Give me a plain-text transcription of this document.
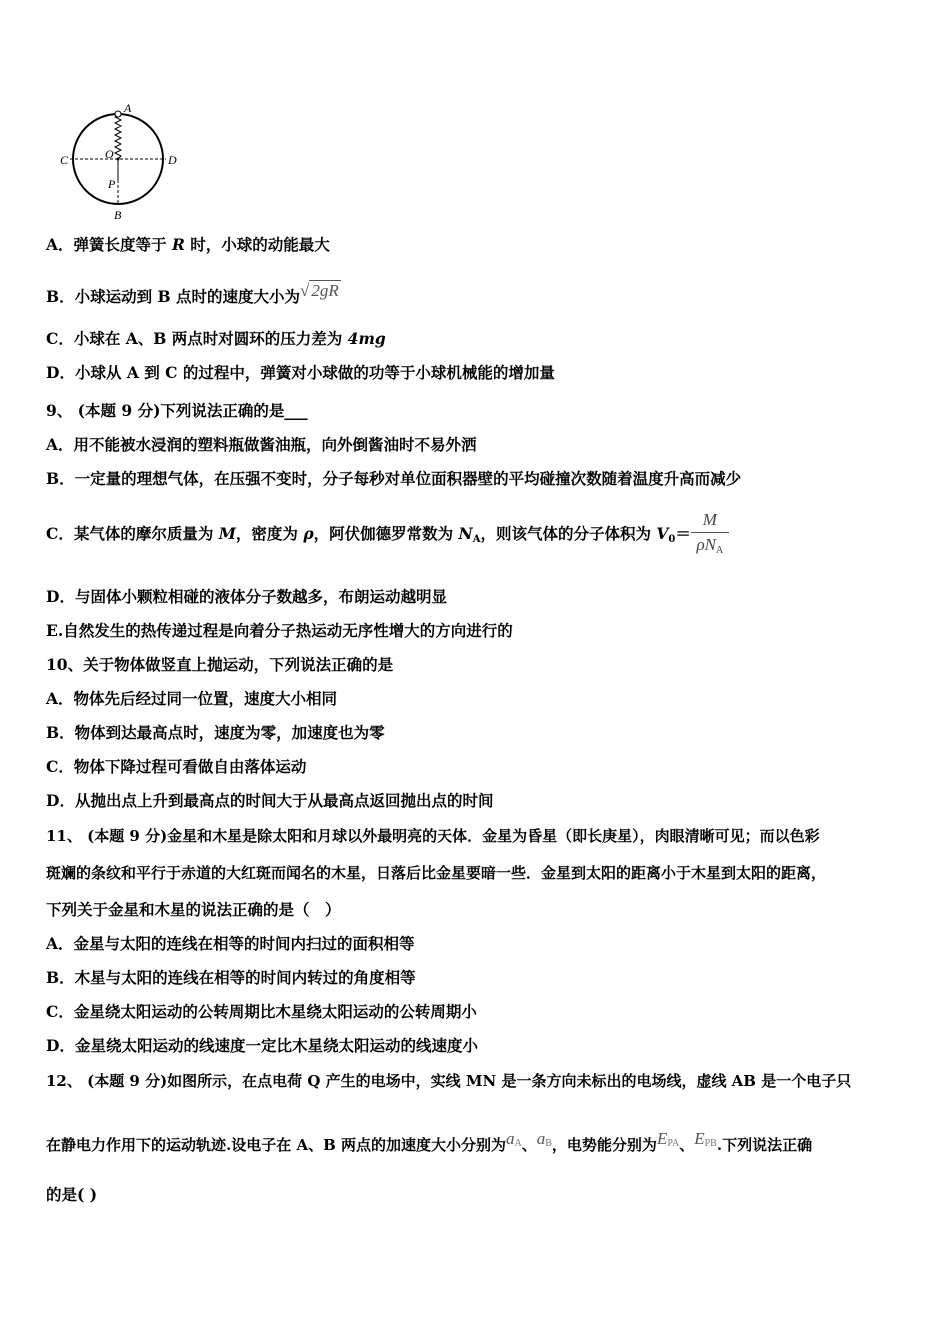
A
C	D
O
P
B
A．弹簧长度等于 R 时，小球的动能最大
B．小球运动到 B 点时的速度大小为√ 2gR
C．小球在 A、B 两点时对圆环的压力差为 4mg
D．小球从 A 到 C 的过程中，弹簧对小球做的功等于小球机械能的增加量
9、 (本题 9 分)下列说法正确的是___
A．用不能被水浸润的塑料瓶做酱油瓶，向外倒酱油时不易外洒
B．一定量的理想气体，在压强不变时，分子每秒对单位面积器壁的平均碰撞次数随着温度升高而减少
C．某气体的摩尔质量为 M，密度为 ρ，阿伏伽德罗常数为 $N_A$，则该气体的分子体积为 $V_0= \frac{M}{\rho N_A}$
D．与固体小颗粒相碰的液体分子数越多，布朗运动越明显
E.自然发生的热传递过程是向着分子热运动无序性增大的方向进行的
10、关于物体做竖直上抛运动，下列说法正确的是
A．物体先后经过同一位置，速度大小相同
B．物体到达最高点时，速度为零，加速度也为零
C．物体下降过程可看做自由落体运动
D．从抛出点上升到最高点的时间大于从最高点返回抛出点的时间
11、 (本题 9 分)金星和木星是除太阳和月球以外最明亮的天体．金星为昏星（即长庚星），肉眼清晰可见；而以色彩
斑斓的条纹和平行于赤道的大红斑而闻名的木星，日落后比金星要暗一些．金星到太阳的距离小于木星到太阳的距离，
下列关于金星和木星的说法正确的是（　）
A．金星与太阳的连线在相等的时间内扫过的面积相等
B．木星与太阳的连线在相等的时间内转过的角度相等
C．金星绕太阳运动的公转周期比木星绕太阳运动的公转周期小
D．金星绕太阳运动的线速度一定比木星绕太阳运动的线速度小
12、 (本题 9 分)如图所示，在点电荷 Q 产生的电场中，实线 MN 是一条方向未标出的电场线，虚线 AB 是一个电子只
在静电力作用下的运动轨迹.设电子在 A、B 两点的加速度大小分别为$a_A$、$a_B$，电势能分别为$E_{PA}$、$E_{PB}$.下列说法正确
的是( )
